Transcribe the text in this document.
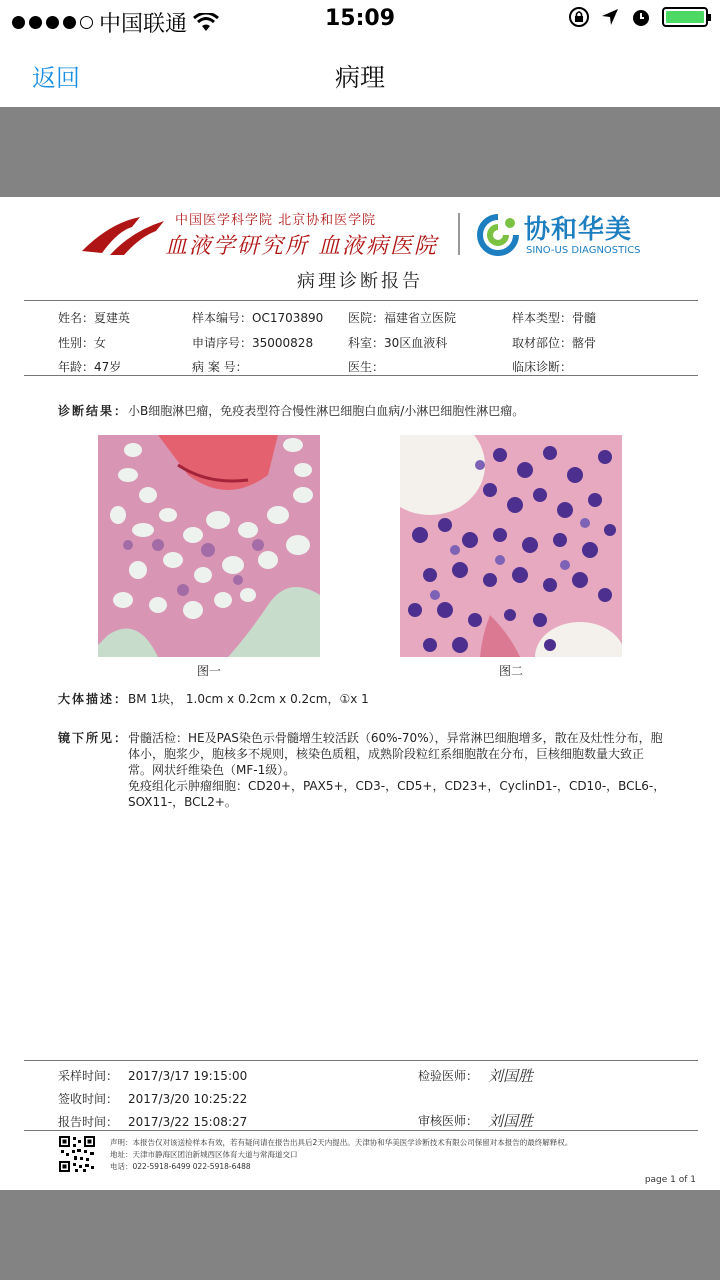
中国联通	15:09
返回	病理
中国医学科学院 北京协和医学院
血液学研究所 血液病医院
协和华美
SINO-US DIAGNOSTICS
病理诊断报告
姓名：夏建英	样本编号：OC1703890 医院：福建省立医院	样本类型：骨髓
性别：女	申请序号：35000828	科室：30区血液科	取材部位：髂骨
年龄：47岁	病 案 号：	医生：	临床诊断：
诊断结果：小B细胞淋巴瘤，免疫表型符合慢性淋巴细胞白血病/小淋巴细胞性淋巴瘤。
图一	图二
大体描述：BM 1块， 1.0cm x 0.2cm x 0.2cm，①x 1
镜下所见： 骨髓活检：HE及PAS染色示骨髓增生较活跃（60%-70%），异常淋巴细胞增多，散在及灶性分布，胞体小，胞浆少，胞核多不规则，核染色质粗，成熟阶段粒红系细胞散在分布，巨核细胞数量大致正常。网状纤维染色（MF-1级）。
免疫组化示肿瘤细胞：CD20+，PAX5+，CD3-，CD5+，CD23+，CyclinD1-，CD10-，BCL6-，SOX11-，BCL2+。
采样时间： 2017/3/17 19:15:00
签收时间： 2017/3/20 10:25:22
报告时间： 2017/3/22 15:08:27
检验医师： 刘国胜
审核医师： 刘国胜
声明：本报告仅对该送检样本有效，若有疑问请在报告出具后2天内提出。天津协和华美医学诊断技术有限公司保留对本报告的最终解释权。
地址：天津市静海区团泊新城西区体育大道与常海道交口
电话：022-5918-6499 022-5918-6488
page 1 of 1
